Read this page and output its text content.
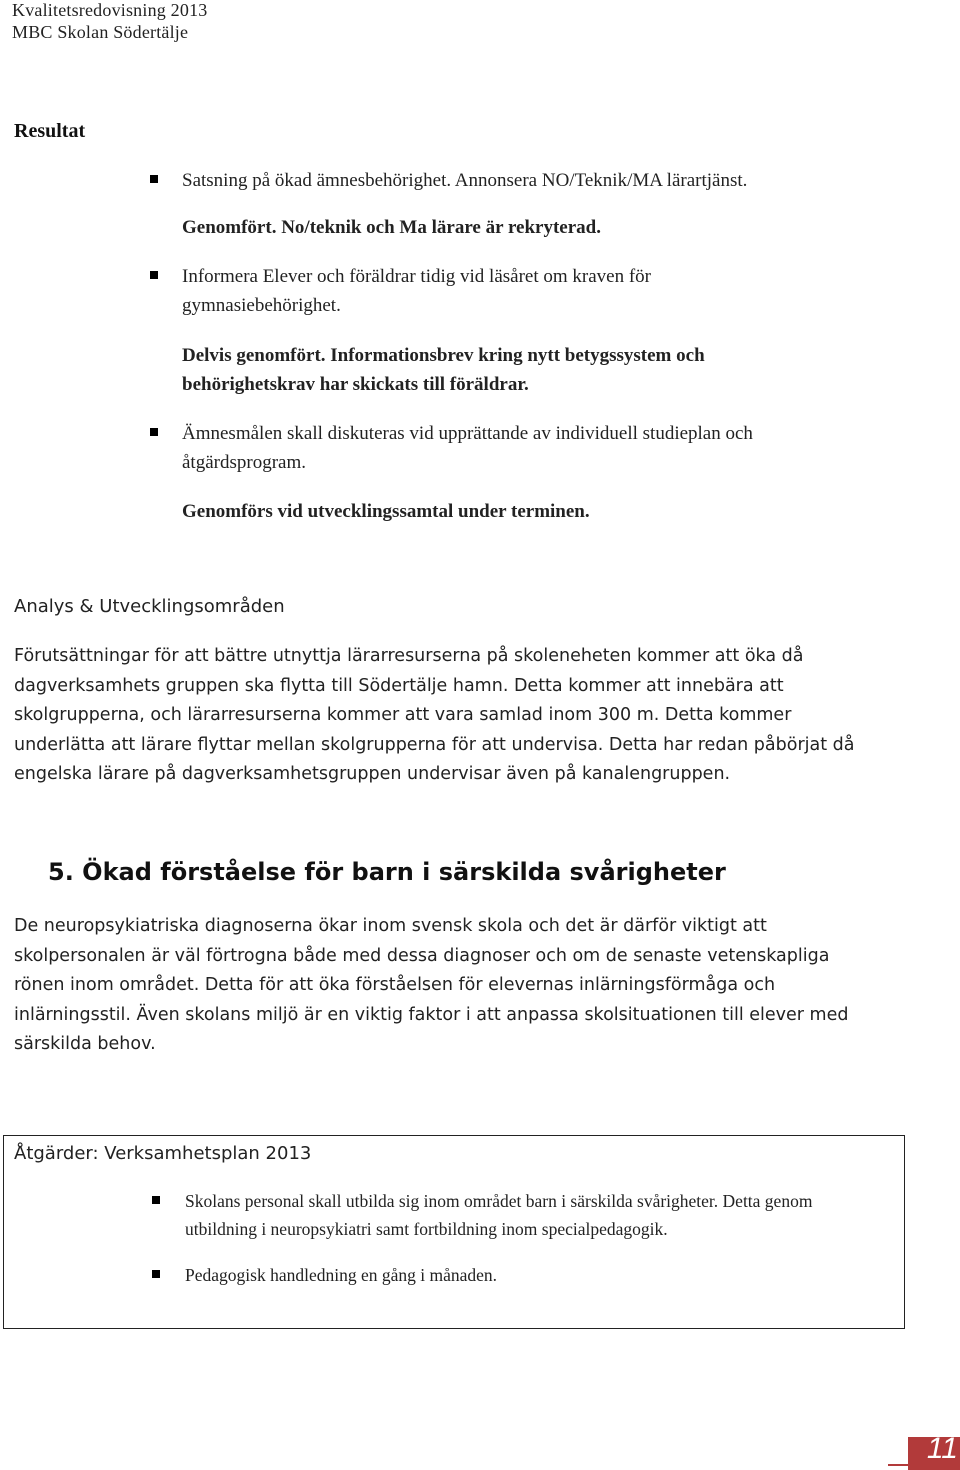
Kvalitetsredovisning 2013
MBC Skolan Södertälje
Resultat
Satsning på ökad ämnesbehörighet. Annonsera NO/Teknik/MA lärartjänst.
Genomfört. No/teknik och Ma lärare är rekryterad.
Informera Elever och föräldrar tidig vid läsåret om kraven för gymnasiebehörighet.
Delvis genomfört. Informationsbrev kring nytt betygssystem och behörighetskrav har skickats till föräldrar.
Ämnesmålen skall diskuteras vid upprättande av individuell studieplan och åtgärdsprogram.
Genomförs vid utvecklingssamtal under terminen.
Analys & Utvecklingsområden
Förutsättningar för att bättre utnyttja lärarresurserna på skoleneheten kommer att öka då dagverksamhets gruppen ska flytta till Södertälje hamn. Detta kommer att innebära att skolgrupperna, och lärarresurserna kommer att vara samlad inom 300 m. Detta kommer underlätta att lärare flyttar mellan skolgrupperna för att undervisa. Detta har redan påbörjat då engelska lärare på dagverksamhetsgruppen undervisar även på kanalengruppen.
5. Ökad förståelse för barn i särskilda svårigheter
De neuropsykiatriska diagnoserna ökar inom svensk skola och det är därför viktigt att skolpersonalen är väl förtrogna både med dessa diagnoser och om de senaste vetenskapliga rönen inom området. Detta för att öka förståelsen för elevernas inlärningsförmåga och inlärningsstil. Även skolans miljö är en viktig faktor i att anpassa skolsituationen till elever med särskilda behov.
Åtgärder: Verksamhetsplan 2013
Skolans personal skall utbilda sig inom området barn i särskilda svårigheter. Detta genom utbildning i neuropsykiatri samt fortbildning inom specialpedagogik.
Pedagogisk handledning en gång i månaden.
11
